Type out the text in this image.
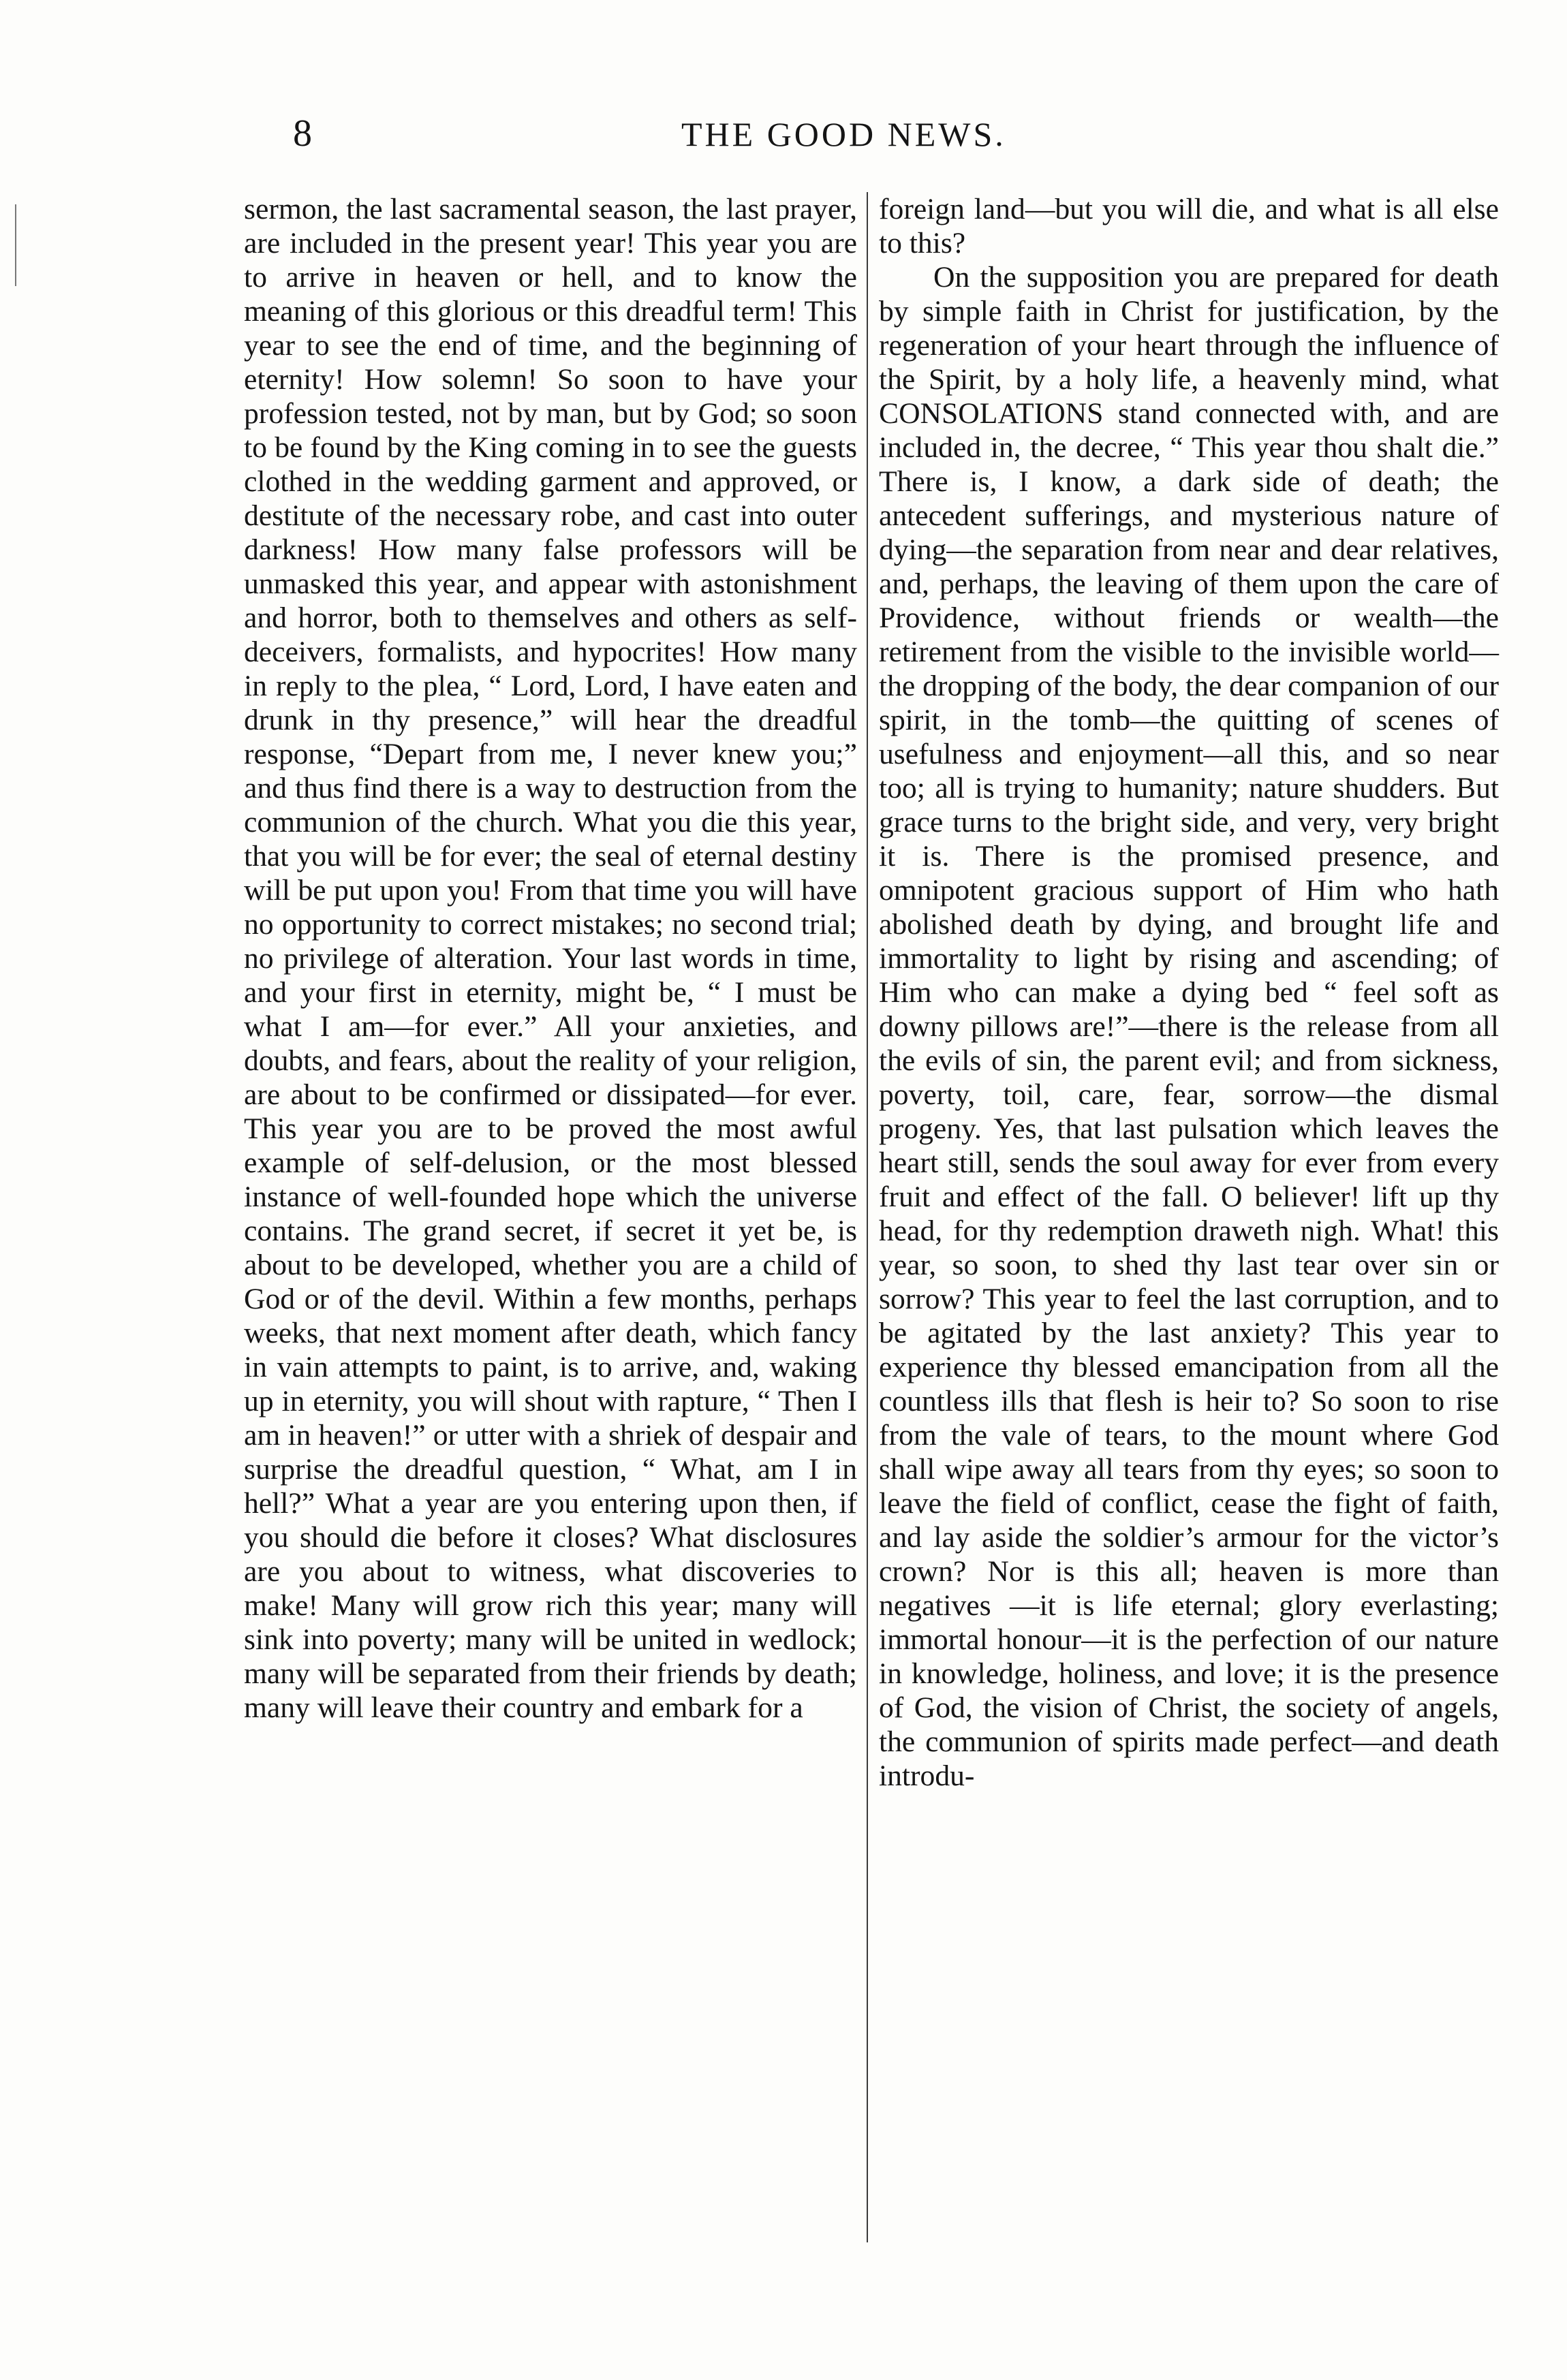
8	THE GOOD NEWS.

sermon, the last sacramental season, the last prayer, are included in the present year! This year you are to arrive in heaven or hell, and to know the meaning of this glorious or this dreadful term! This year to see the end of time, and the beginning of eternity! How solemn! So soon to have your profession tested, not by man, but by God; so soon to be found by the King coming in to see the guests clothed in the wedding garment and approved, or destitute of the necessary robe, and cast into outer darkness! How many false professors will be unmasked this year, and appear with astonishment and horror, both to themselves and others as self-deceivers, formalists, and hypocrites! How many in reply to the plea, “ Lord, Lord, I have eaten and drunk in thy presence,” will hear the dreadful response, “Depart from me, I never knew you;” and thus find there is a way to destruction from the communion of the church. What you die this year, that you will be for ever; the seal of eternal destiny will be put upon you! From that time you will have no opportunity to correct mistakes; no second trial; no privilege of alteration. Your last words in time, and your first in eternity, might be, “ I must be what I am—for ever.” All your anxieties, and doubts, and fears, about the reality of your religion, are about to be confirmed or dissipated—for ever. This year you are to be proved the most awful example of self-delusion, or the most blessed instance of well-founded hope which the universe contains. The grand secret, if secret it yet be, is about to be developed, whether you are a child of God or of the devil. Within a few months, perhaps weeks, that next moment after death, which fancy in vain attempts to paint, is to arrive, and, waking up in eternity, you will shout with rapture, “ Then I am in heaven!” or utter with a shriek of despair and surprise the dreadful question, “ What, am I in hell?” What a year are you entering upon then, if you should die before it closes? What disclosures are you about to witness, what discoveries to make! Many will grow rich this year; many will sink into poverty; many will be united in wedlock; many will be separated from their friends by death; many will leave their country and embark for a

foreign land—but you will die, and what is all else to this?

On the supposition you are prepared for death by simple faith in Christ for justification, by the regeneration of your heart through the influence of the Spirit, by a holy life, a heavenly mind, what CONSOLATIONS stand connected with, and are included in, the decree, “ This year thou shalt die.” There is, I know, a dark side of death; the antecedent sufferings, and mysterious nature of dying—the separation from near and dear relatives, and, perhaps, the leaving of them upon the care of Providence, without friends or wealth—the retirement from the visible to the invisible world—the dropping of the body, the dear companion of our spirit, in the tomb—the quitting of scenes of usefulness and enjoyment—all this, and so near too; all is trying to humanity; nature shudders. But grace turns to the bright side, and very, very bright it is. There is the promised presence, and omnipotent gracious support of Him who hath abolished death by dying, and brought life and immortality to light by rising and ascending; of Him who can make a dying bed “ feel soft as downy pillows are!”—there is the release from all the evils of sin, the parent evil; and from sickness, poverty, toil, care, fear, sorrow—the dismal progeny. Yes, that last pulsation which leaves the heart still, sends the soul away for ever from every fruit and effect of the fall. O believer! lift up thy head, for thy redemption draweth nigh. What! this year, so soon, to shed thy last tear over sin or sorrow? This year to feel the last corruption, and to be agitated by the last anxiety? This year to experience thy blessed emancipation from all the countless ills that flesh is heir to? So soon to rise from the vale of tears, to the mount where God shall wipe away all tears from thy eyes; so soon to leave the field of conflict, cease the fight of faith, and lay aside the soldier’s armour for the victor’s crown? Nor is this all; heaven is more than negatives —it is life eternal; glory everlasting; immortal honour—it is the perfection of our nature in knowledge, holiness, and love; it is the presence of God, the vision of Christ, the society of angels, the communion of spirits made perfect—and death introdu-
